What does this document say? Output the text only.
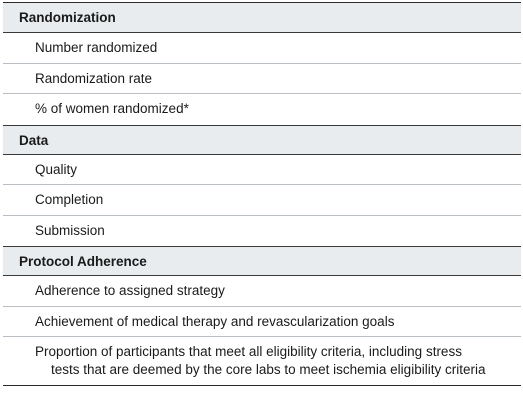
Randomization
Number randomized
Randomization rate
% of women randomized*
Data
Quality
Completion
Submission
Protocol Adherence
Adherence to assigned strategy
Achievement of medical therapy and revascularization goals
Proportion of participants that meet all eligibility criteria, including stress tests that are deemed by the core labs to meet ischemia eligibility criteria
